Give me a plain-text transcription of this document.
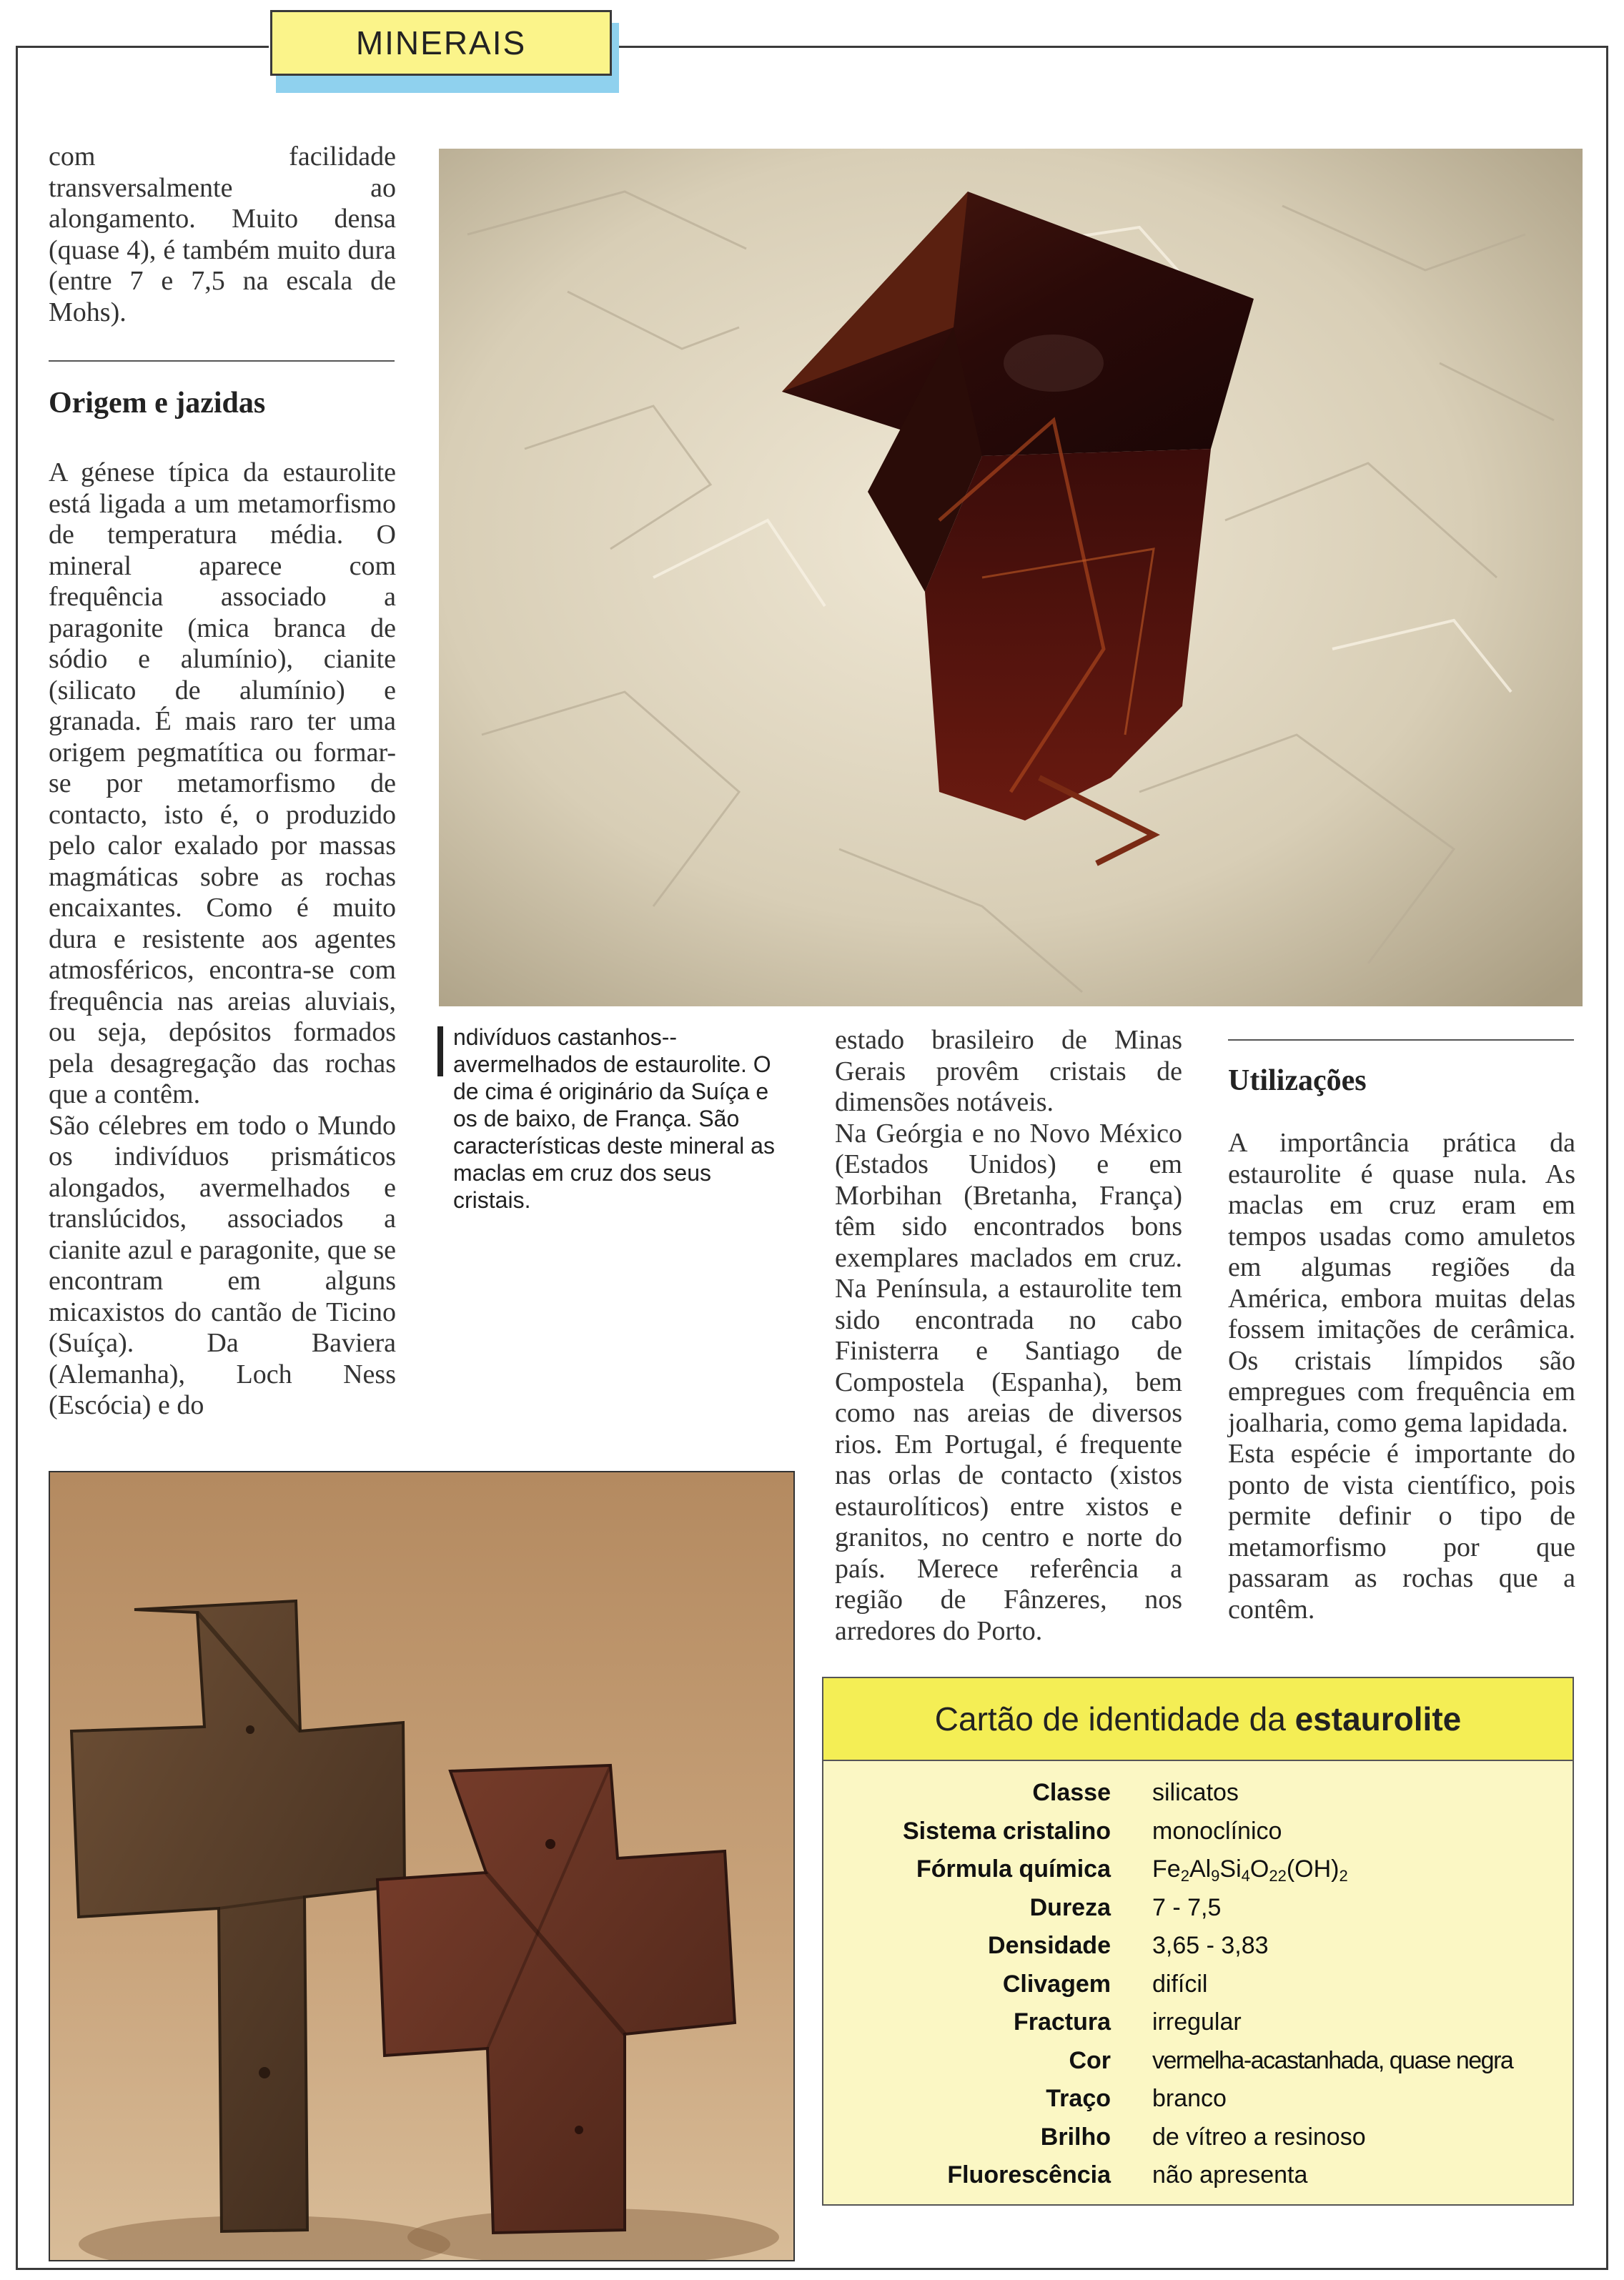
MINERAIS

com facilidade transversalmente ao alongamento. Muito densa (quase 4), é também muito dura (entre 7 e 7,5 na escala de Mohs).

Origem e jazidas

A génese típica da estaurolite está ligada a um metamorfismo de temperatura média. O mineral aparece com frequência associado a paragonite (mica branca de sódio e alumínio), cianite (silicato de alumínio) e granada. É mais raro ter uma origem pegmatítica ou formar-se por metamorfismo de contacto, isto é, o produzido pelo calor exalado por massas magmáticas sobre as rochas encaixantes. Como é muito dura e resistente aos agentes atmosféricos, encontra-se com frequência nas areias aluviais, ou seja, depósitos formados pela desagregação das rochas que a contêm.

São célebres em todo o Mundo os indivíduos prismáticos alongados, avermelhados e translúcidos, associados a cianite azul e paragonite, que se encontram em alguns micaxistos do cantão de Ticino (Suíça). Da Baviera (Alemanha), Loch Ness (Escócia) e do

ndivíduos castanhos--avermelhados de estaurolite. O de cima é originário da Suíça e os de baixo, de França. São características deste mineral as maclas em cruz dos seus cristais.

estado brasileiro de Minas Gerais provêm cristais de dimensões notáveis.

Na Geórgia e no Novo México (Estados Unidos) e em Morbihan (Bretanha, França) têm sido encontrados bons exemplares maclados em cruz. Na Península, a estaurolite tem sido encontrada no cabo Finisterra e Santiago de Compostela (Espanha), bem como nas areias de diversos rios. Em Portugal, é frequente nas orlas de contacto (xistos estaurolíticos) entre xistos e granitos, no centro e norte do país. Merece referência a região de Fânzeres, nos arredores do Porto.

Utilizações

A importância prática da estaurolite é quase nula. As maclas em cruz eram em tempos usadas como amuletos em algumas regiões da América, embora muitas delas fossem imitações de cerâmica. Os cristais límpidos são empregues com frequência em joalharia, como gema lapidada.

Esta espécie é importante do ponto de vista científico, pois permite definir o tipo de metamorfismo por que passaram as rochas que a contêm.

Cartão de identidade da estaurolite
Classe	silicatos
Sistema cristalino	monoclínico
Fórmula química	$Fe_2Al_9Si_4O_{22}(OH)_2$
Dureza	7 - 7,5
Densidade	3,65 - 3,83
Clivagem	difícil
Fractura	irregular
Cor	vermelha-acastanhada, quase negra
Traço	branco
Brilho	de vítreo a resinoso
Fluorescência	não apresenta
